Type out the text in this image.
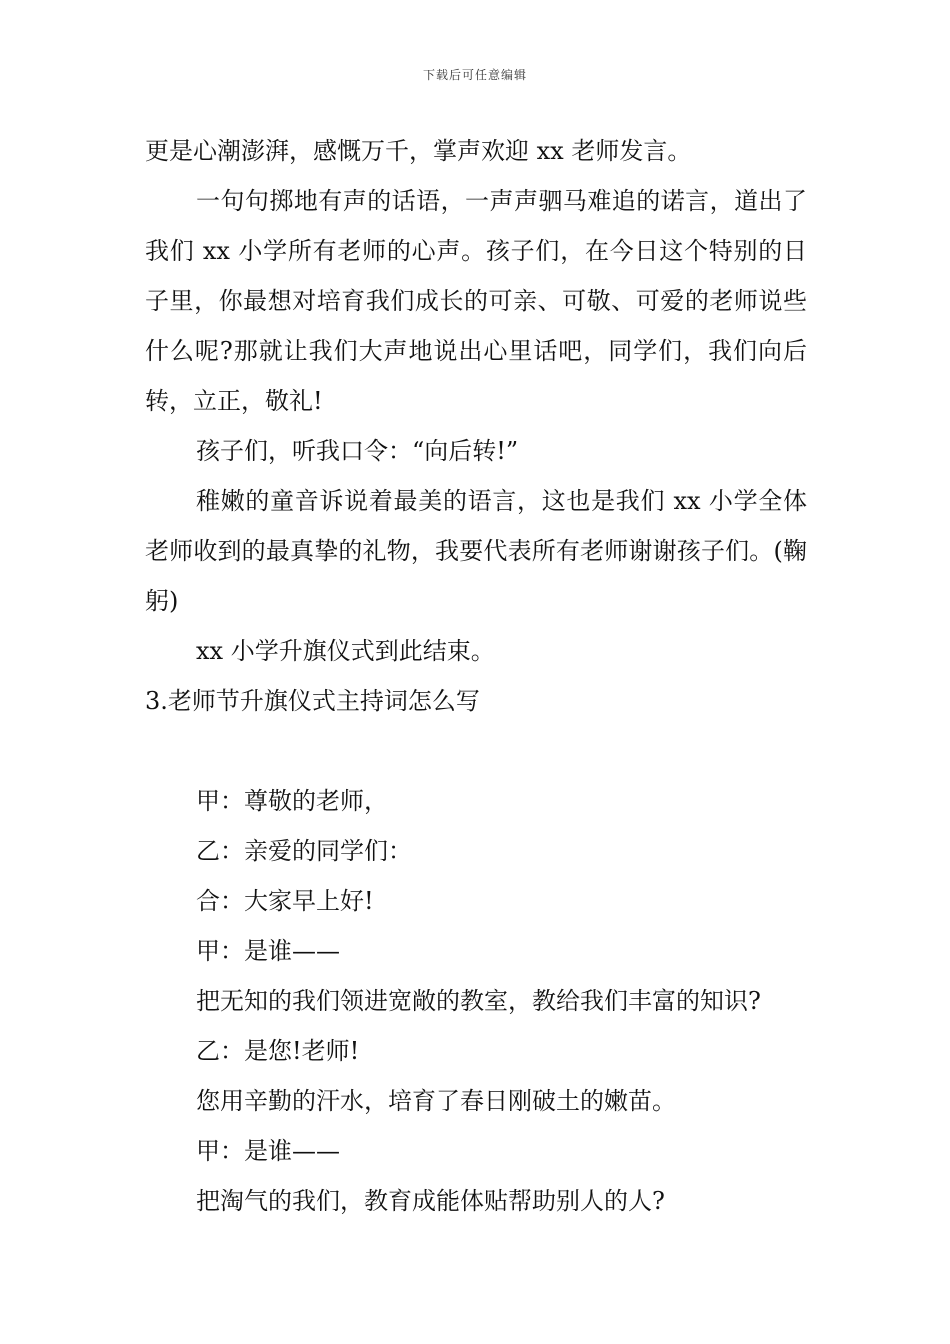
下载后可任意编辑

更是心潮澎湃，感慨万千，掌声欢迎 xx 老师发言。

一句句掷地有声的话语，一声声驷马难追的诺言，道出了我们 xx 小学所有老师的心声。孩子们，在今日这个特别的日子里，你最想对培育我们成长的可亲、可敬、可爱的老师说些什么呢?那就让我们大声地说出心里话吧，同学们，我们向后转，立正，敬礼!

孩子们，听我口令：“向后转!”

稚嫩的童音诉说着最美的语言，这也是我们 xx 小学全体老师收到的最真挚的礼物，我要代表所有老师谢谢孩子们。(鞠躬)

xx 小学升旗仪式到此结束。

3.老师节升旗仪式主持词怎么写

甲：尊敬的老师，

乙：亲爱的同学们：

合：大家早上好!

甲：是谁——

把无知的我们领进宽敞的教室，教给我们丰富的知识?

乙：是您!老师!

您用辛勤的汗水，培育了春日刚破土的嫩苗。

甲：是谁——

把淘气的我们，教育成能体贴帮助别人的人?
